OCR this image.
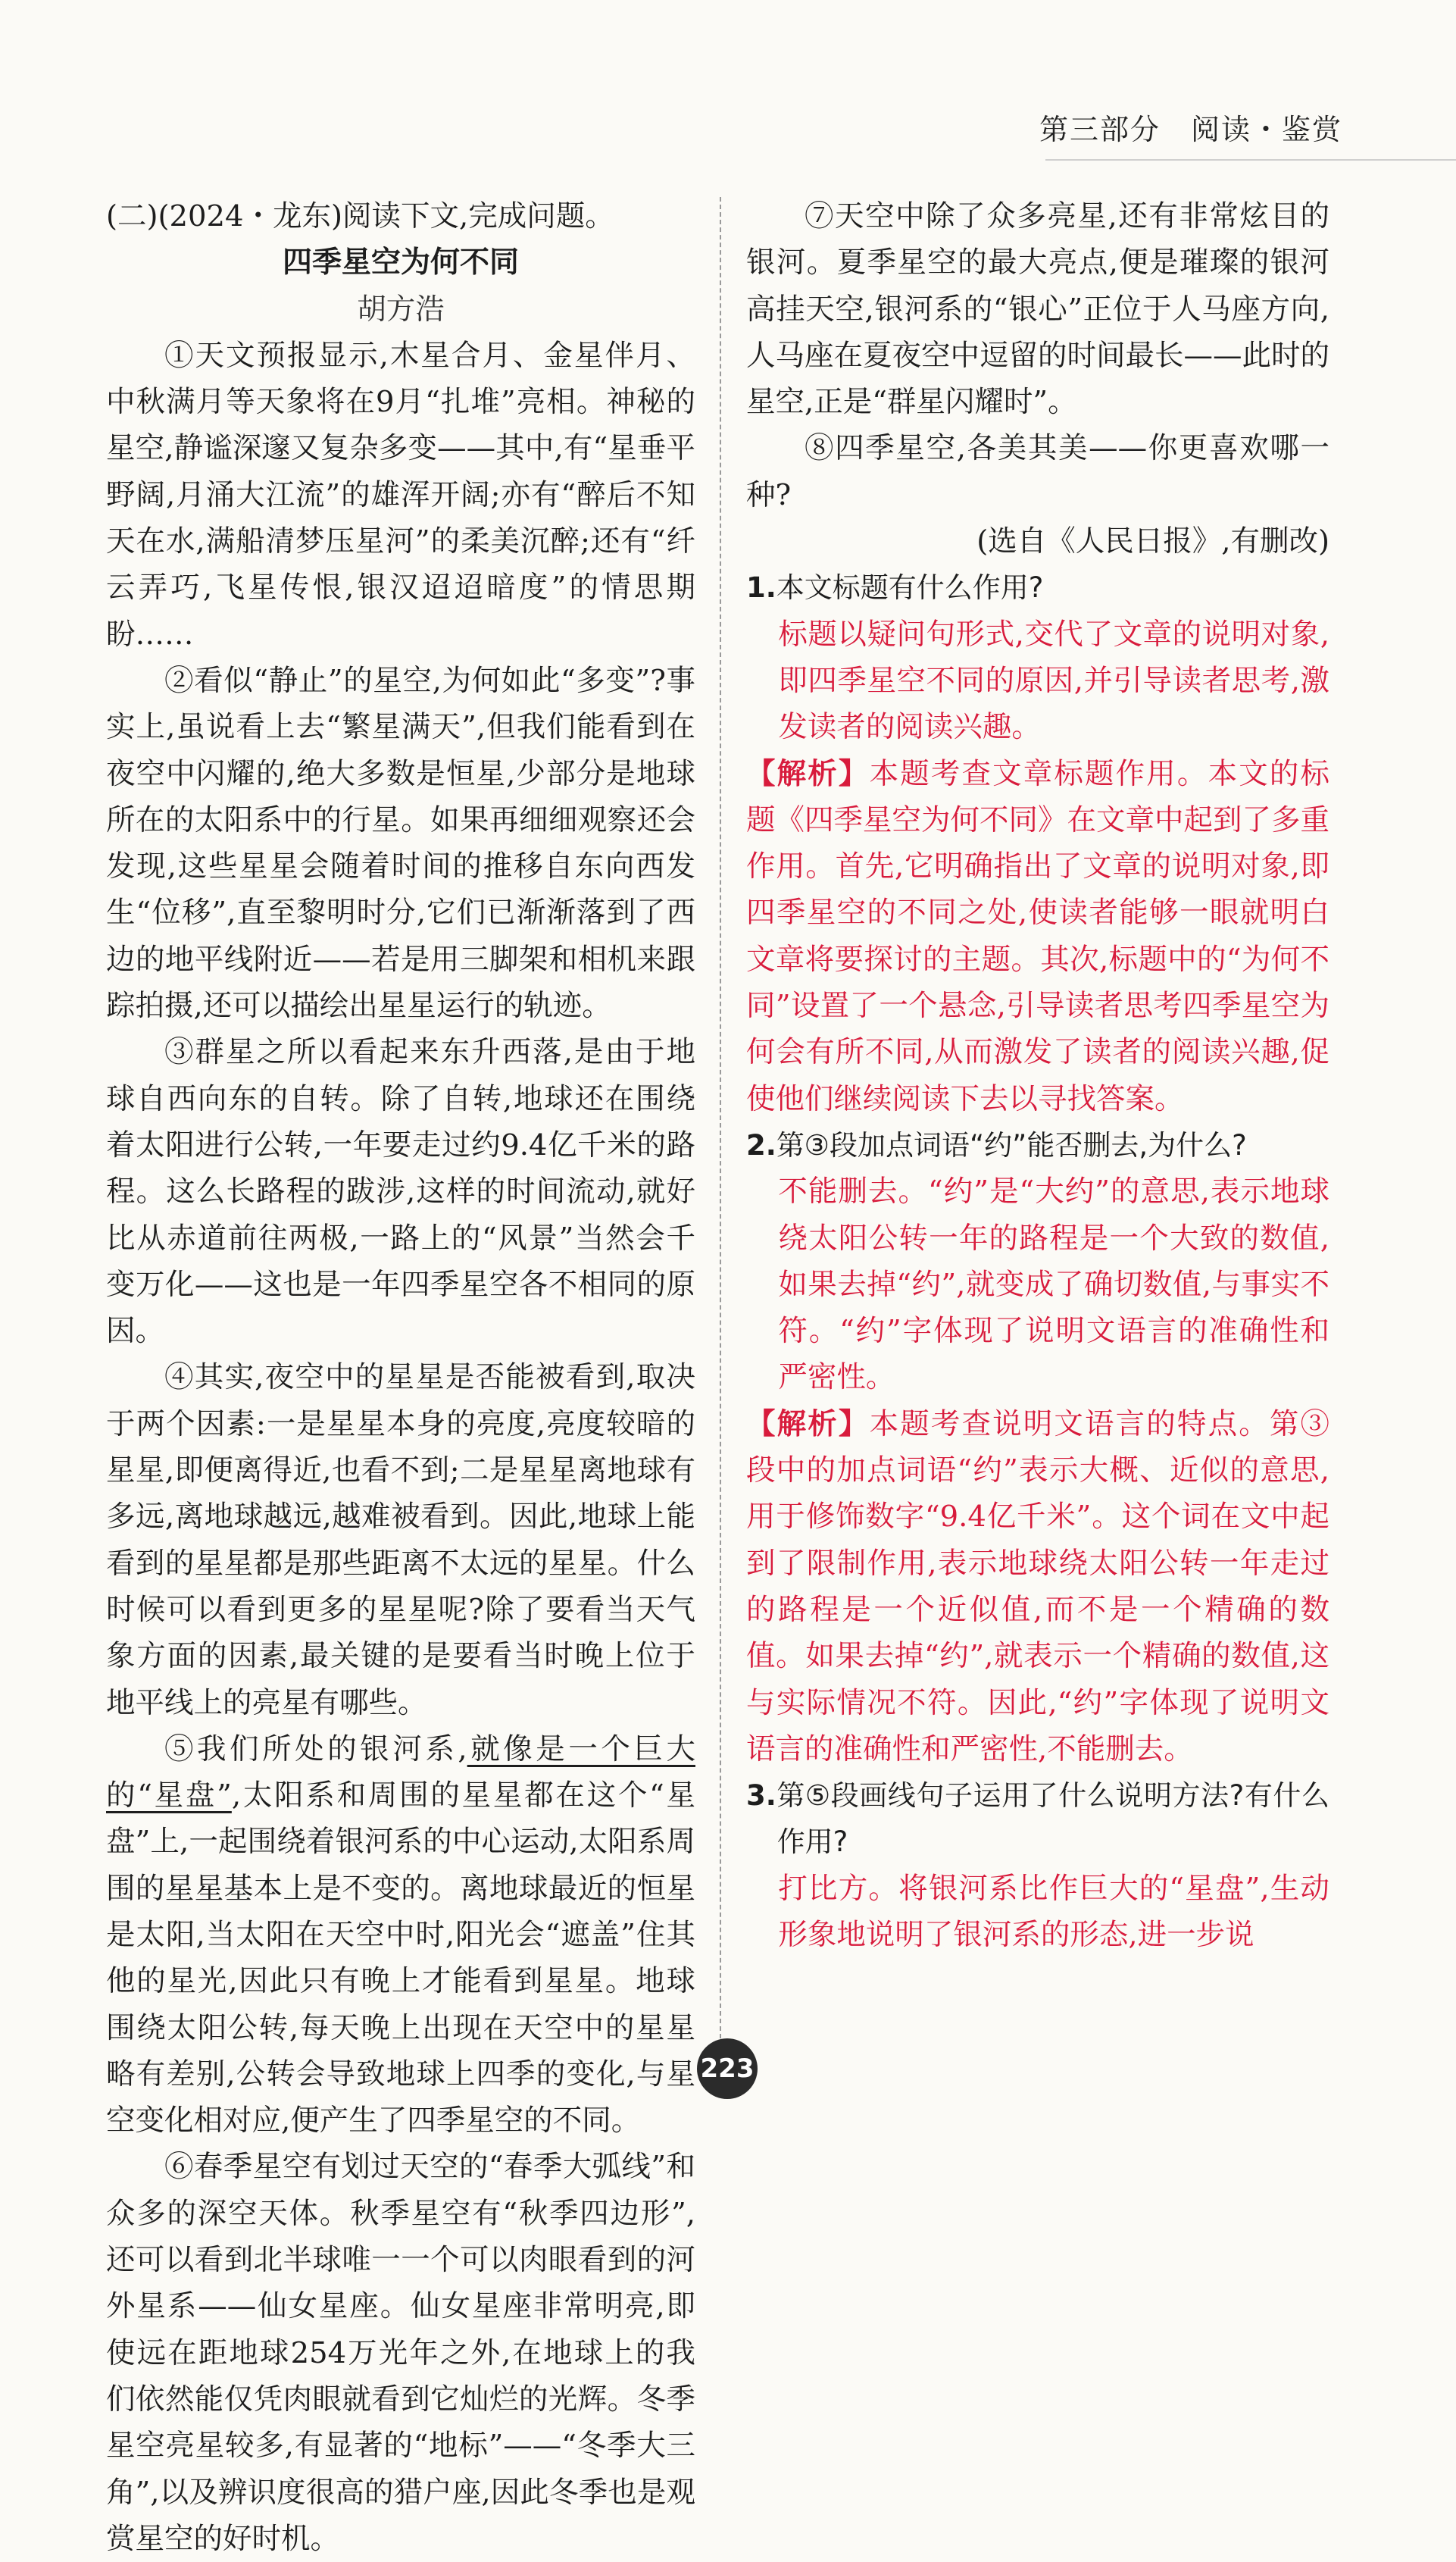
第三部分　阅读・鉴赏

(二)(2024・龙东)阅读下文,完成问题。

四季星空为何不同

胡方浩

①天文预报显示,木星合月、金星伴月、中秋满月等天象将在9月“扎堆”亮相。神秘的星空,静谧深邃又复杂多变——其中,有“星垂平野阔,月涌大江流”的雄浑开阔;亦有“醉后不知天在水,满船清梦压星河”的柔美沉醉;还有“纤云弄巧,飞星传恨,银汉迢迢暗度”的情思期盼……

②看似“静止”的星空,为何如此“多变”?事实上,虽说看上去“繁星满天”,但我们能看到在夜空中闪耀的,绝大多数是恒星,少部分是地球所在的太阳系中的行星。如果再细细观察还会发现,这些星星会随着时间的推移自东向西发生“位移”,直至黎明时分,它们已渐渐落到了西边的地平线附近——若是用三脚架和相机来跟踪拍摄,还可以描绘出星星运行的轨迹。

③群星之所以看起来东升西落,是由于地球自西向东的自转。除了自转,地球还在围绕着太阳进行公转,一年要走过约9.4亿千米的路程。这么长路程的跋涉,这样的时间流动,就好比从赤道前往两极,一路上的“风景”当然会千变万化——这也是一年四季星空各不相同的原因。

④其实,夜空中的星星是否能被看到,取决于两个因素:一是星星本身的亮度,亮度较暗的星星,即便离得近,也看不到;二是星星离地球有多远,离地球越远,越难被看到。因此,地球上能看到的星星都是那些距离不太远的星星。什么时候可以看到更多的星星呢?除了要看当天气象方面的因素,最关键的是要看当时晚上位于地平线上的亮星有哪些。

⑤我们所处的银河系,就像是一个巨大的“星盘”,太阳系和周围的星星都在这个“星盘”上,一起围绕着银河系的中心运动,太阳系周围的星星基本上是不变的。离地球最近的恒星是太阳,当太阳在天空中时,阳光会“遮盖”住其他的星光,因此只有晚上才能看到星星。地球围绕太阳公转,每天晚上出现在天空中的星星略有差别,公转会导致地球上四季的变化,与星空变化相对应,便产生了四季星空的不同。

⑥春季星空有划过天空的“春季大弧线”和众多的深空天体。秋季星空有“秋季四边形”,还可以看到北半球唯一一个可以肉眼看到的河外星系——仙女星座。仙女星座非常明亮,即使远在距地球254万光年之外,在地球上的我们依然能仅凭肉眼就看到它灿烂的光辉。冬季星空亮星较多,有显著的“地标”——“冬季大三角”,以及辨识度很高的猎户座,因此冬季也是观赏星空的好时机。

⑦天空中除了众多亮星,还有非常炫目的银河。夏季星空的最大亮点,便是璀璨的银河高挂天空,银河系的“银心”正位于人马座方向,人马座在夏夜空中逗留的时间最长——此时的星空,正是“群星闪耀时”。

⑧四季星空,各美其美——你更喜欢哪一种?

(选自《人民日报》,有删改)

1.本文标题有什么作用?

标题以疑问句形式,交代了文章的说明对象,即四季星空不同的原因,并引导读者思考,激发读者的阅读兴趣。

【解析】本题考查文章标题作用。本文的标题《四季星空为何不同》在文章中起到了多重作用。首先,它明确指出了文章的说明对象,即四季星空的不同之处,使读者能够一眼就明白文章将要探讨的主题。其次,标题中的“为何不同”设置了一个悬念,引导读者思考四季星空为何会有所不同,从而激发了读者的阅读兴趣,促使他们继续阅读下去以寻找答案。

2.第③段加点词语“约”能否删去,为什么?

不能删去。“约”是“大约”的意思,表示地球绕太阳公转一年的路程是一个大致的数值,如果去掉“约”,就变成了确切数值,与事实不符。“约”字体现了说明文语言的准确性和严密性。

【解析】本题考查说明文语言的特点。第③段中的加点词语“约”表示大概、近似的意思,用于修饰数字“9.4亿千米”。这个词在文中起到了限制作用,表示地球绕太阳公转一年走过的路程是一个近似值,而不是一个精确的数值。如果去掉“约”,就表示一个精确的数值,这与实际情况不符。因此,“约”字体现了说明文语言的准确性和严密性,不能删去。

3.第⑤段画线句子运用了什么说明方法?有什么作用?

打比方。将银河系比作巨大的“星盘”,生动形象地说明了银河系的形态,进一步说

223
